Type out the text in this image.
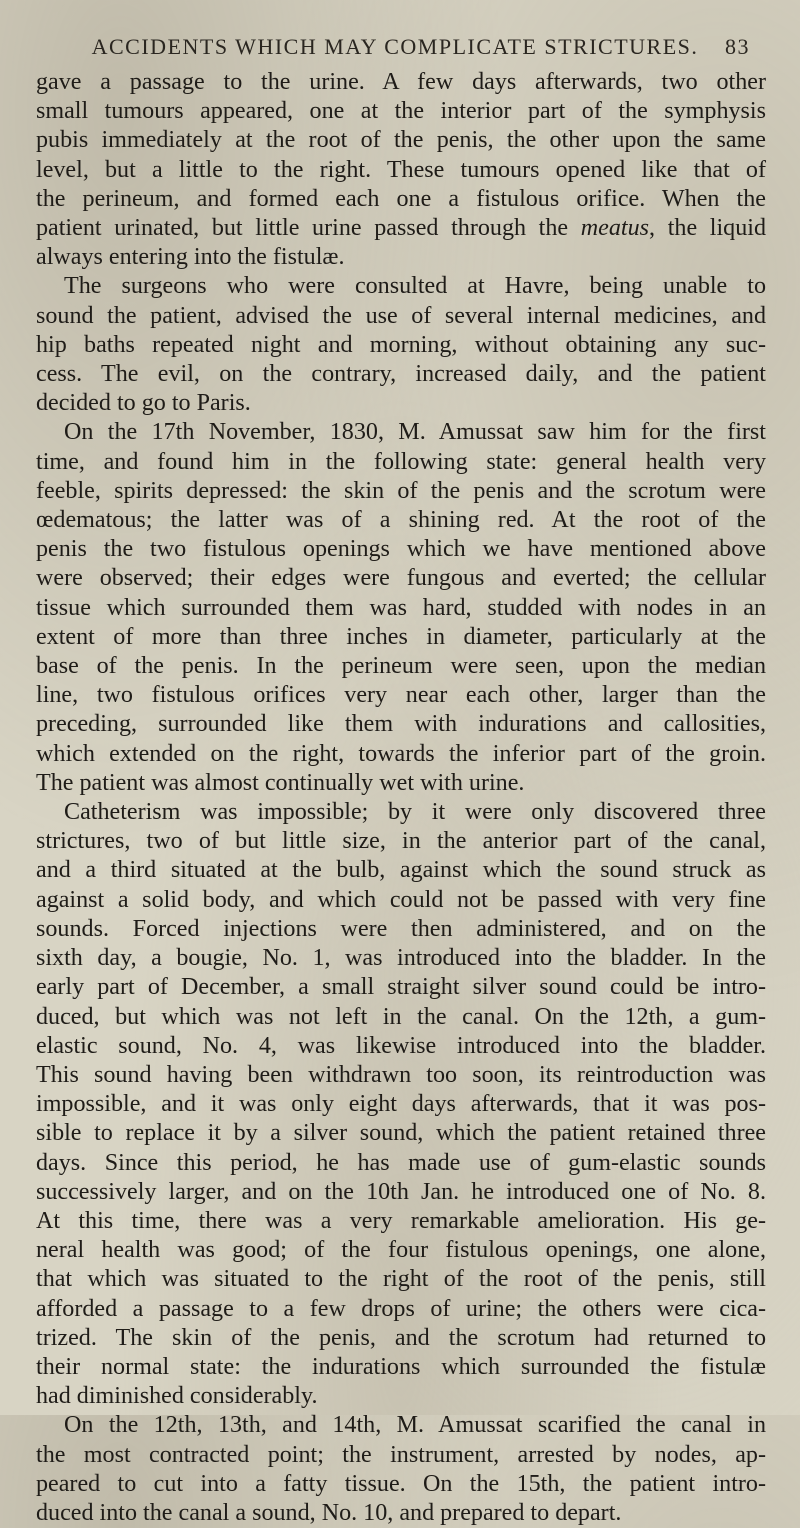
ACCIDENTS WHICH MAY COMPLICATE STRICTURES.	83

gave a passage to the urine. A few days afterwards, two other
small tumours appeared, one at the interior part of the symphysis
pubis immediately at the root of the penis, the other upon the same
level, but a little to the right. These tumours opened like that of
the perineum, and formed each one a fistulous orifice. When the
patient urinated, but little urine passed through the meatus, the liquid
always entering into the fistulæ.

The surgeons who were consulted at Havre, being unable to
sound the patient, advised the use of several internal medicines, and
hip baths repeated night and morning, without obtaining any suc-
cess. The evil, on the contrary, increased daily, and the patient
decided to go to Paris.

On the 17th November, 1830, M. Amussat saw him for the first
time, and found him in the following state: general health very
feeble, spirits depressed: the skin of the penis and the scrotum were
œdematous; the latter was of a shining red. At the root of the
penis the two fistulous openings which we have mentioned above
were observed; their edges were fungous and everted; the cellular
tissue which surrounded them was hard, studded with nodes in an
extent of more than three inches in diameter, particularly at the
base of the penis. In the perineum were seen, upon the median
line, two fistulous orifices very near each other, larger than the
preceding, surrounded like them with indurations and callosities,
which extended on the right, towards the inferior part of the groin.
The patient was almost continually wet with urine.

Catheterism was impossible; by it were only discovered three
strictures, two of but little size, in the anterior part of the canal,
and a third situated at the bulb, against which the sound struck as
against a solid body, and which could not be passed with very fine
sounds. Forced injections were then administered, and on the
sixth day, a bougie, No. 1, was introduced into the bladder. In the
early part of December, a small straight silver sound could be intro-
duced, but which was not left in the canal. On the 12th, a gum-
elastic sound, No. 4, was likewise introduced into the bladder.
This sound having been withdrawn too soon, its reintroduction was
impossible, and it was only eight days afterwards, that it was pos-
sible to replace it by a silver sound, which the patient retained three
days. Since this period, he has made use of gum-elastic sounds
successively larger, and on the 10th Jan. he introduced one of No. 8.
At this time, there was a very remarkable amelioration. His ge-
neral health was good; of the four fistulous openings, one alone,
that which was situated to the right of the root of the penis, still
afforded a passage to a few drops of urine; the others were cica-
trized. The skin of the penis, and the scrotum had returned to
their normal state: the indurations which surrounded the fistulæ
had diminished considerably.

On the 12th, 13th, and 14th, M. Amussat scarified the canal in
the most contracted point; the instrument, arrested by nodes, ap-
peared to cut into a fatty tissue. On the 15th, the patient intro-
duced into the canal a sound, No. 10, and prepared to depart.
